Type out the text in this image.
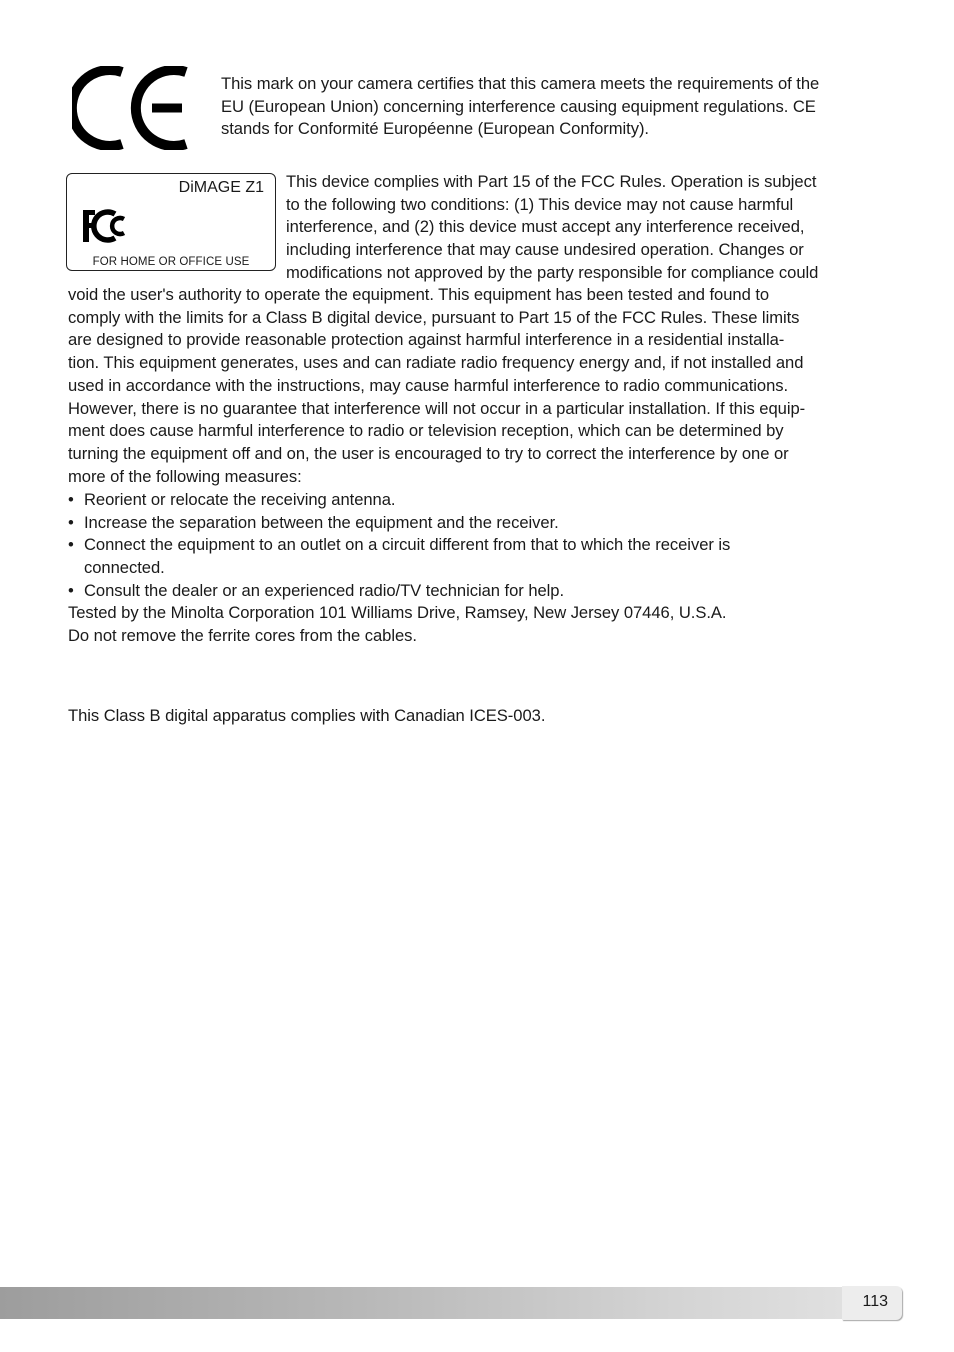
This mark on your camera certifies that this camera meets the requirements of the
EU (European Union) concerning interference causing equipment regulations. CE
stands for Conformité Européenne (European Conformity).
DiMAGE Z1
FOR HOME OR OFFICE USE
This device complies with Part 15 of the FCC Rules. Operation is subject
to the following two conditions: (1) This device may not cause harmful
interference, and (2) this device must accept any interference received,
including interference that may cause undesired operation. Changes or
modifications not approved by the party responsible for compliance could
void the user's authority to operate the equipment. This equipment has been tested and found to
comply with the limits for a Class B digital device, pursuant to Part 15 of the FCC Rules. These limits
are designed to provide reasonable protection against harmful interference in a residential installa-
tion. This equipment generates, uses and can radiate radio frequency energy and, if not installed and
used in accordance with the instructions, may cause harmful interference to radio communications.
However, there is no guarantee that interference will not occur in a particular installation. If this equip-
ment does cause harmful interference to radio or television reception, which can be determined by
turning the equipment off and on, the user is encouraged to try to correct the interference by one or
more of the following measures:
• Reorient or relocate the receiving antenna.
• Increase the separation between the equipment and the receiver.
• Connect the equipment to an outlet on a circuit different from that to which the receiver is
connected.
• Consult the dealer or an experienced radio/TV technician for help.
Tested by the Minolta Corporation 101 Williams Drive, Ramsey, New Jersey 07446, U.S.A.
Do not remove the ferrite cores from the cables.
This Class B digital apparatus complies with Canadian ICES-003.
113
